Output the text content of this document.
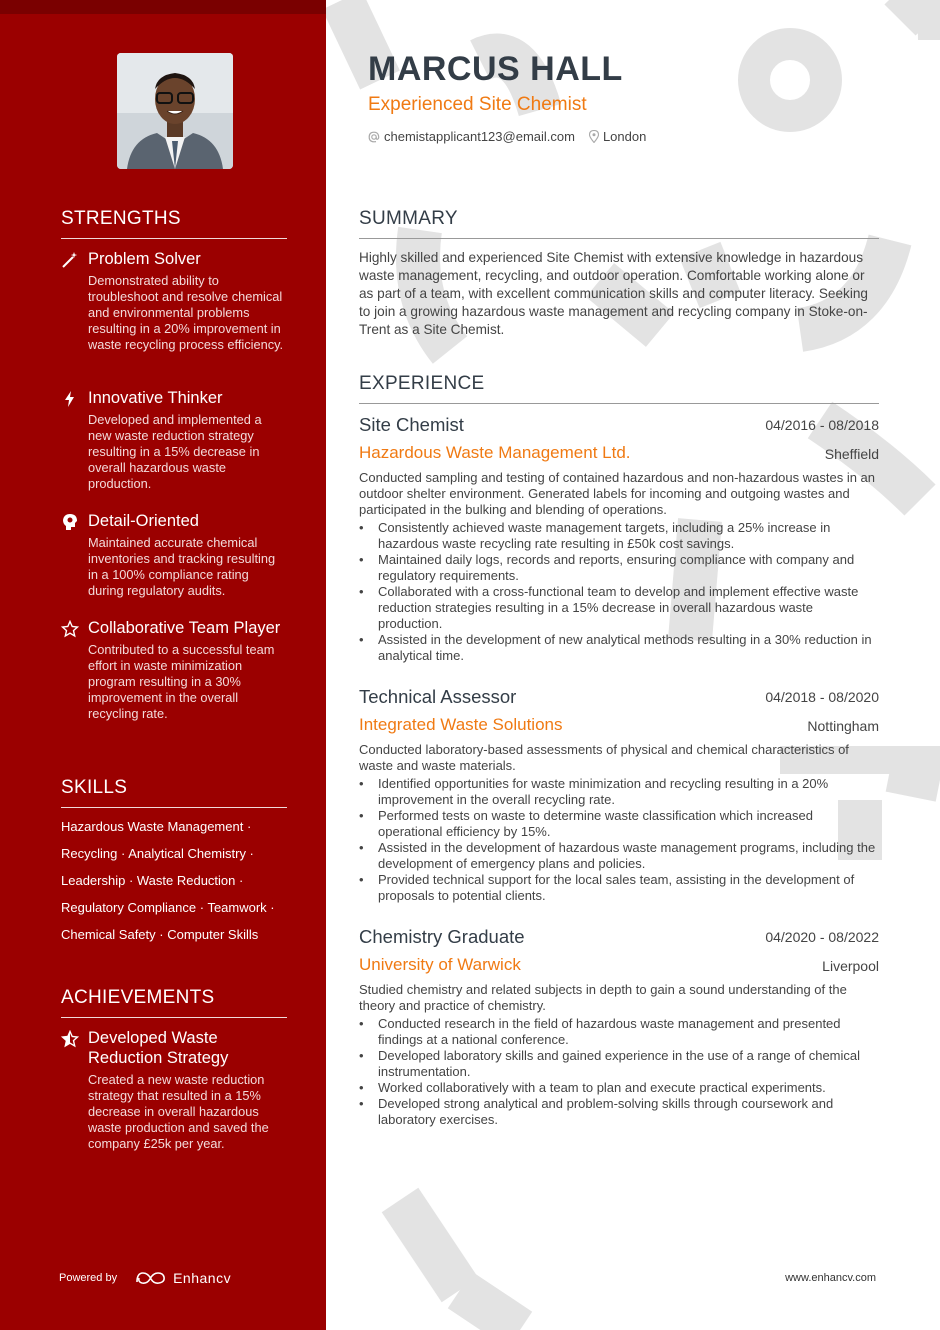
STRENGTHS
Problem Solver
Demonstrated ability to troubleshoot and resolve chemical and environmental problems resulting in a 20% improvement in waste recycling process efficiency.
Innovative Thinker
Developed and implemented a new waste reduction strategy resulting in a 15% decrease in overall hazardous waste production.
Detail-Oriented
Maintained accurate chemical inventories and tracking resulting in a 100% compliance rating during regulatory audits.
Collaborative Team Player
Contributed to a successful team effort in waste minimization program resulting in a 30% improvement in the overall recycling rate.
SKILLS
Hazardous Waste Management ·
Recycling · Analytical Chemistry ·
Leadership · Waste Reduction ·
Regulatory Compliance · Teamwork ·
Chemical Safety · Computer Skills
ACHIEVEMENTS
Developed Waste Reduction Strategy
Created a new waste reduction strategy that resulted in a 15% decrease in overall hazardous waste production and saved the company £25k per year.
Powered by	Enhancv
MARCUS HALL
Experienced Site Chemist
chemistapplicant123@email.com London
SUMMARY
Highly skilled and experienced Site Chemist with extensive knowledge in hazardous waste management, recycling, and outdoor operation. Comfortable working alone or as part of a team, with excellent communication skills and computer literacy. Seeking to join a growing hazardous waste management and recycling company in Stoke-on-Trent as a Site Chemist.
EXPERIENCE
Site Chemist	04/2016 - 08/2018
Hazardous Waste Management Ltd.	Sheffield
Conducted sampling and testing of contained hazardous and non-hazardous wastes in an outdoor shelter environment. Generated labels for incoming and outgoing wastes and participated in the bulking and blending of operations.
• Consistently achieved waste management targets, including a 25% increase in hazardous waste recycling rate resulting in £50k cost savings.
• Maintained daily logs, records and reports, ensuring compliance with company and regulatory requirements.
• Collaborated with a cross-functional team to develop and implement effective waste reduction strategies resulting in a 15% decrease in overall hazardous waste production.
• Assisted in the development of new analytical methods resulting in a 30% reduction in analytical time.
Technical Assessor	04/2018 - 08/2020
Integrated Waste Solutions	Nottingham
Conducted laboratory-based assessments of physical and chemical characteristics of waste and waste materials.
• Identified opportunities for waste minimization and recycling resulting in a 20% improvement in the overall recycling rate.
• Performed tests on waste to determine waste classification which increased operational efficiency by 15%.
• Assisted in the development of hazardous waste management programs, including the development of emergency plans and policies.
• Provided technical support for the local sales team, assisting in the development of proposals to potential clients.
Chemistry Graduate	04/2020 - 08/2022
University of Warwick	Liverpool
Studied chemistry and related subjects in depth to gain a sound understanding of the theory and practice of chemistry.
• Conducted research in the field of hazardous waste management and presented findings at a national conference.
• Developed laboratory skills and gained experience in the use of a range of chemical instrumentation.
• Worked collaboratively with a team to plan and execute practical experiments.
• Developed strong analytical and problem-solving skills through coursework and laboratory exercises.
www.enhancv.com
